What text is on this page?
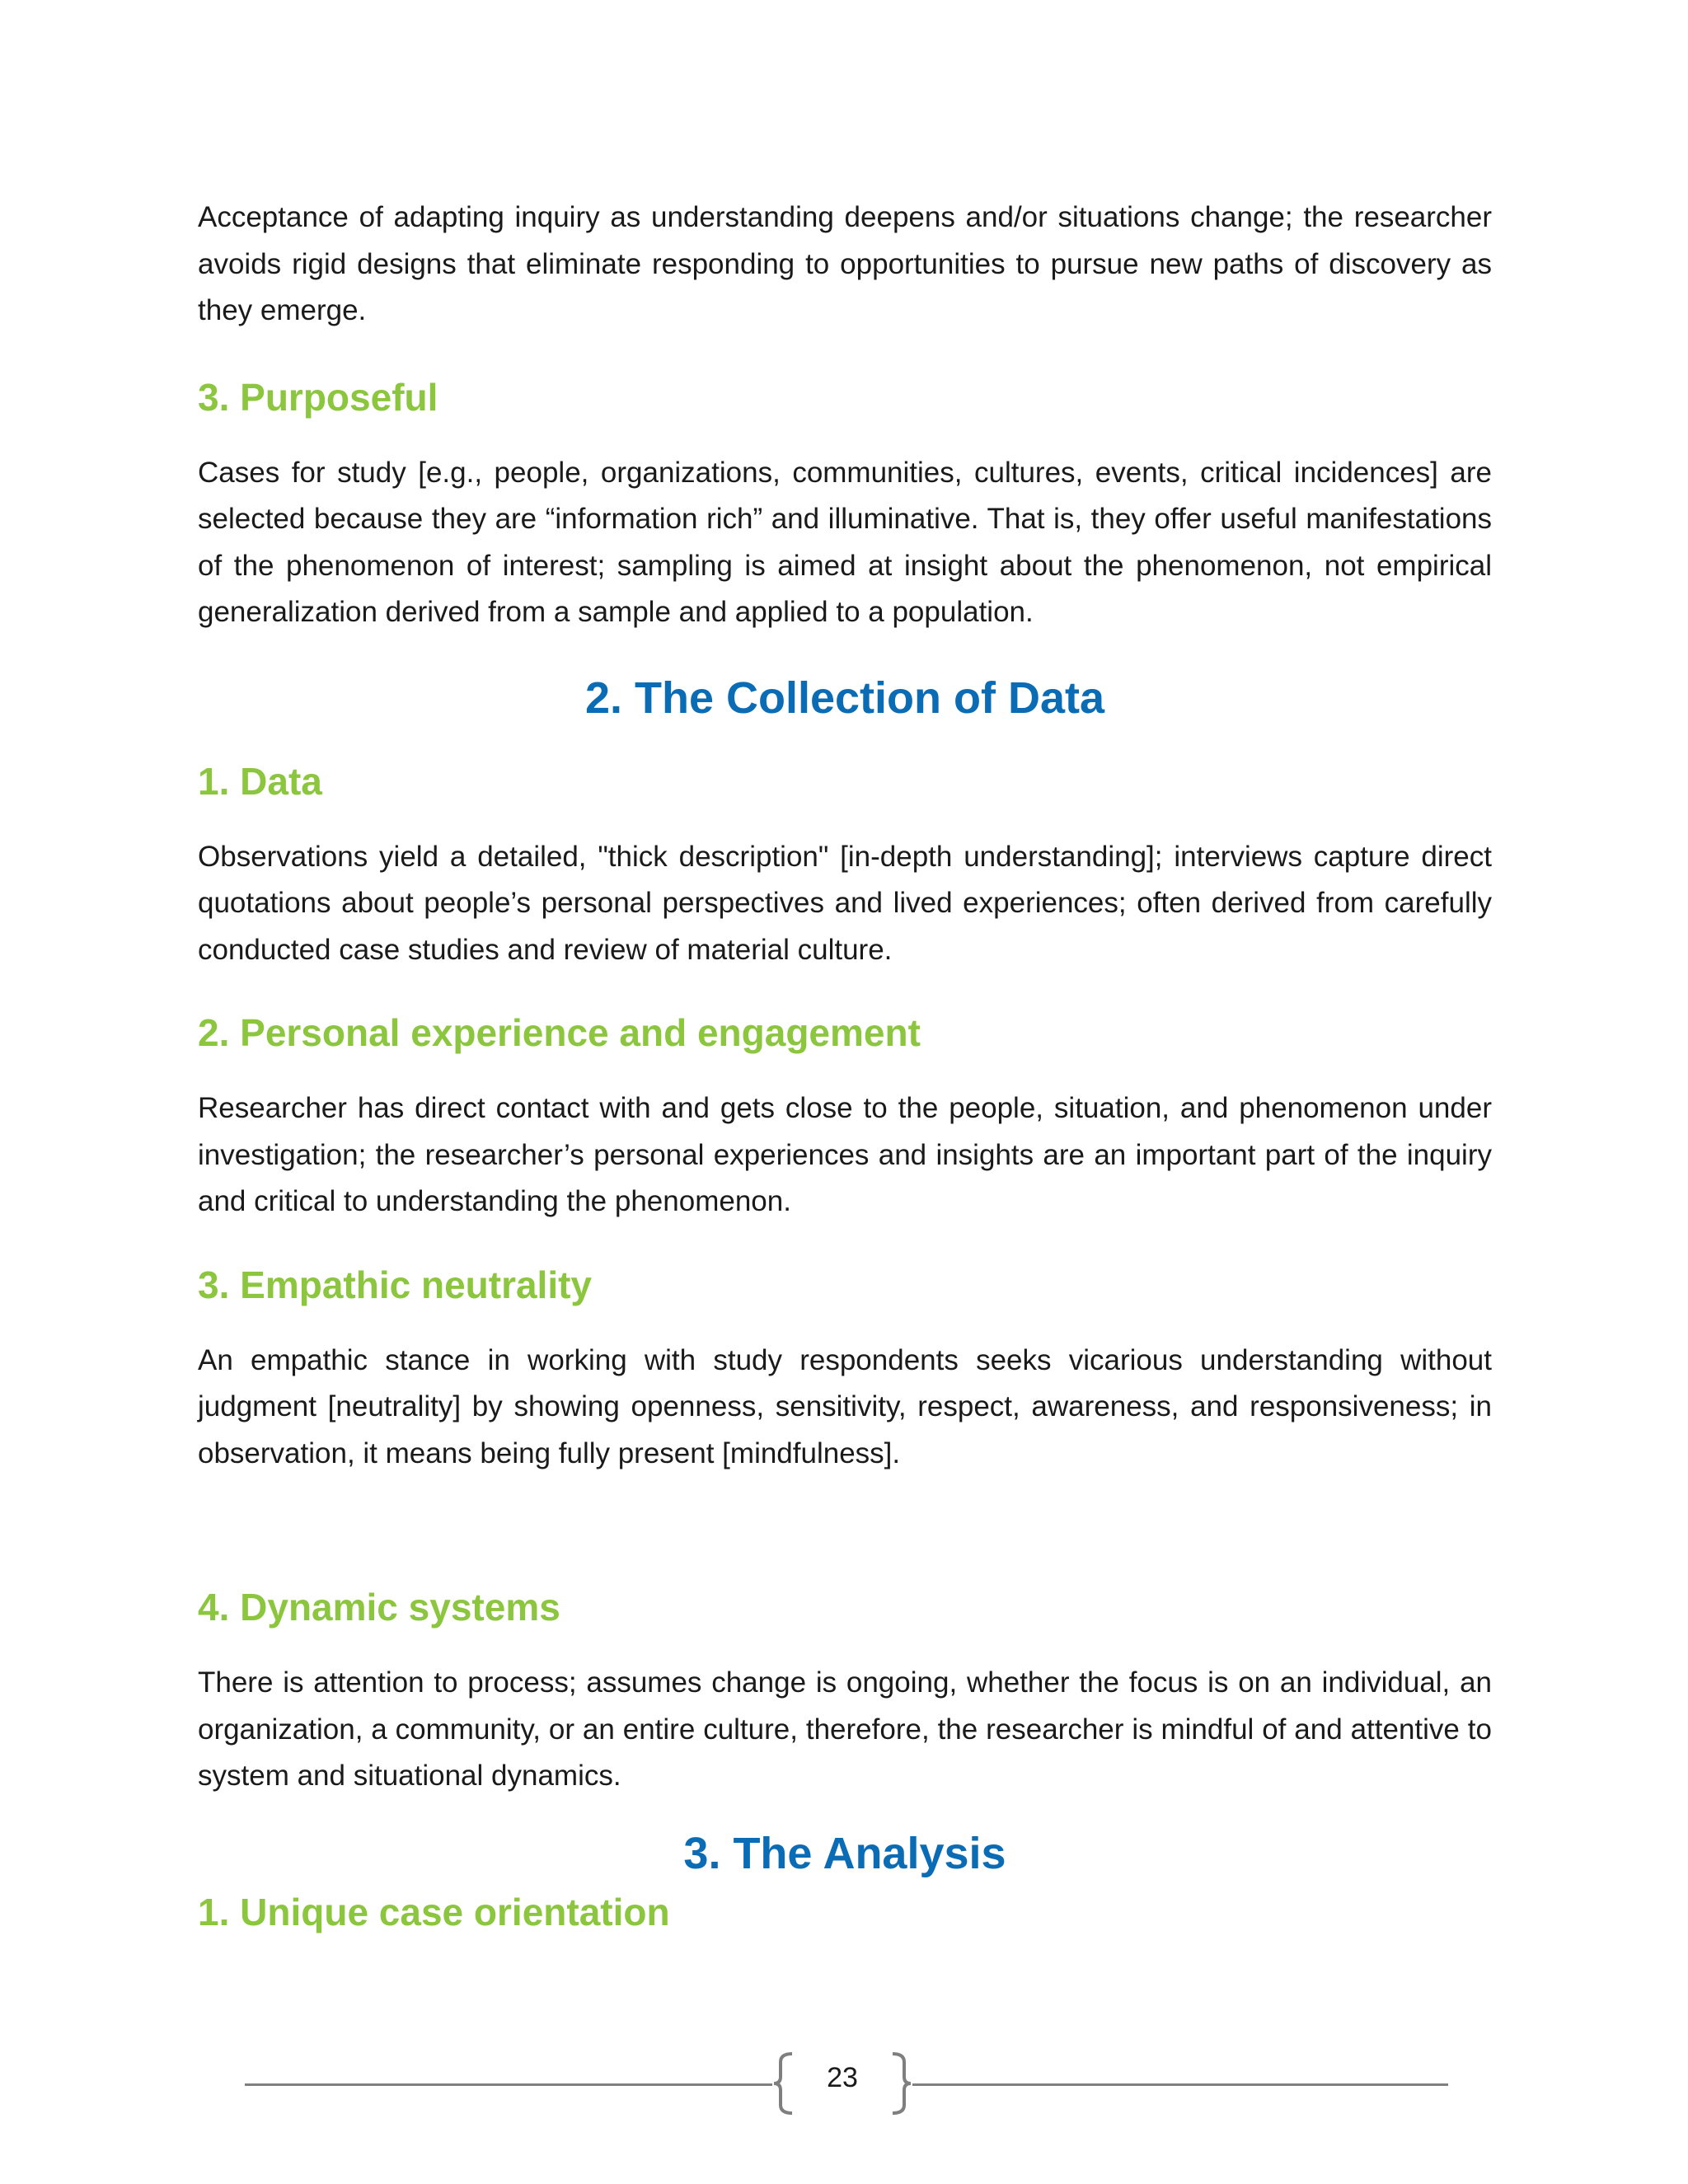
Acceptance of adapting inquiry as understanding deepens and/or situations change; the researcher avoids rigid designs that eliminate responding to opportunities to pursue new paths of discovery as they emerge.

3. Purposeful

Cases for study [e.g., people, organizations, communities, cultures, events, critical incidences] are selected because they are “information rich” and illuminative. That is, they offer useful manifestations of the phenomenon of interest; sampling is aimed at insight about the phenomenon, not empirical generalization derived from a sample and applied to a population.

2. The Collection of Data
1. Data

Observations yield a detailed, "thick description" [in-depth understanding]; interviews capture direct quotations about people’s personal perspectives and lived experiences; often derived from carefully conducted case studies and review of material culture.

2. Personal experience and engagement

Researcher has direct contact with and gets close to the people, situation, and phenomenon under investigation; the researcher’s personal experiences and insights are an important part of the inquiry and critical to understanding the phenomenon.

3. Empathic neutrality

An empathic stance in working with study respondents seeks vicarious understanding without judgment [neutrality] by showing openness, sensitivity, respect, awareness, and responsiveness; in observation, it means being fully present [mindfulness].

4. Dynamic systems

There is attention to process; assumes change is ongoing, whether the focus is on an individual, an organization, a community, or an entire culture, therefore, the researcher is mindful of and attentive to system and situational dynamics.

3. The Analysis
1. Unique case orientation
23
